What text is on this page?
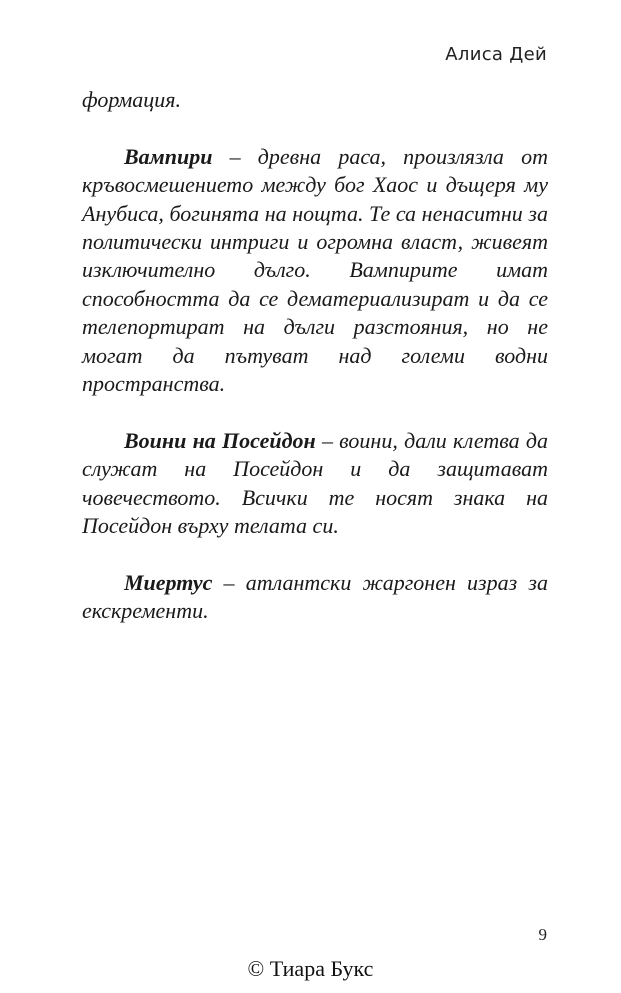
Алиса Дей

формация.

Вампири – древна раса, произлязла от кръвосмешението между бог Хаос и дъщеря му Анубиса, богинята на нощта. Те са ненаситни за политически интриги и огромна власт, живеят изключително дълго. Вампирите имат способността да се дематериализират и да се телепортират на дълги разстояния, но не могат да пътуват над големи водни пространства.

Воини на Посейдон – воини, дали клетва да служат на Посейдон и да защитават човечеството. Всички те носят знака на Посейдон върху телата си.

Миертус – атлантски жаргонен израз за екскременти.

9
© Тиара Букс
